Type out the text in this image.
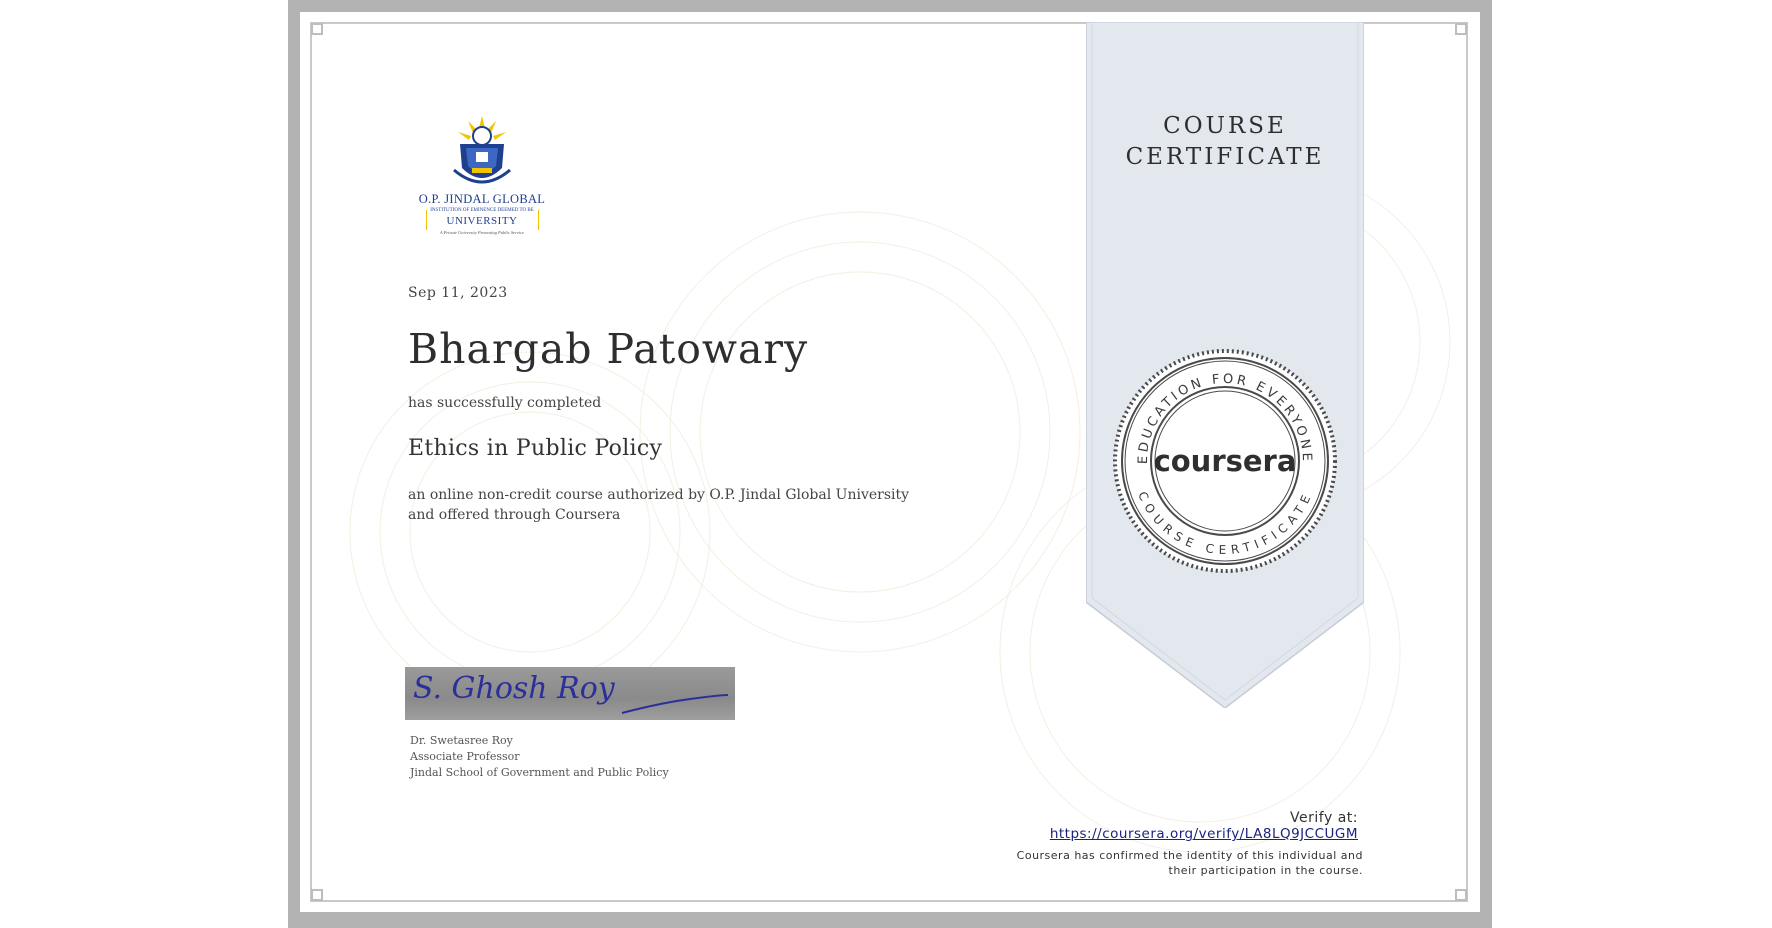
COURSE
CERTIFICATE
EDUCATION FOR EVERYONE
COURSE CERTIFICATE
coursera
O.P. JINDAL GLOBAL
INSTITUTION OF EMINENCE DEEMED TO BE
UNIVERSITY
A Private University Promoting Public Service
Sep 11, 2023
Bhargab Patowary
has successfully completed
Ethics in Public Policy
an online non-credit course authorized by O.P. Jindal Global University and offered through Coursera
S. Ghosh Roy
Dr. Swetasree Roy
Associate Professor
Jindal School of Government and Public Policy
Verify at:
https://coursera.org/verify/LA8LQ9JCCUGM
Coursera has confirmed the identity of this individual and
their participation in the course.
